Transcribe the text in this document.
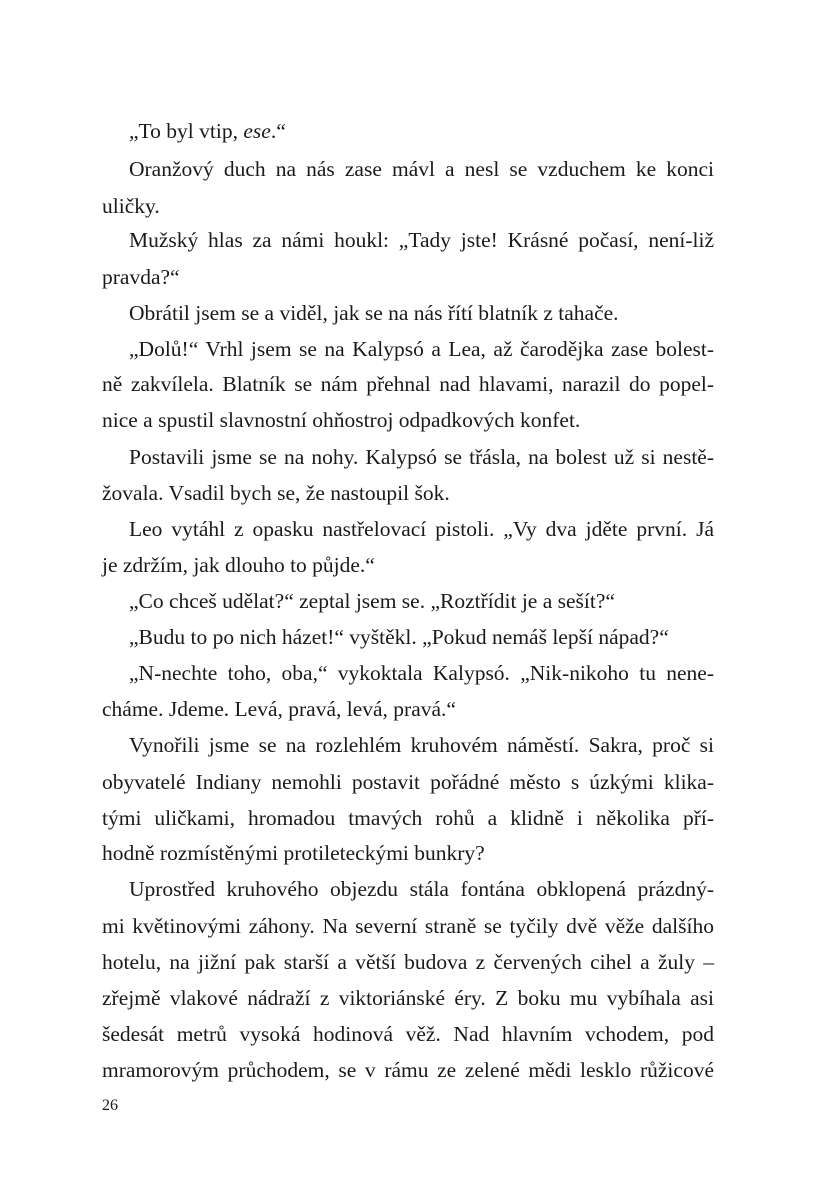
„To byl vtip, ese.“
Oranžový duch na nás zase mávl a nesl se vzduchem ke konci
uličky.
Mužský hlas za námi houkl: „Tady jste! Krásné počasí, není-liž
pravda?“
Obrátil jsem se a viděl, jak se na nás řítí blatník z tahače.
„Dolů!“ Vrhl jsem se na Kalypsó a Lea, až čarodějka zase bolest-
ně zakvílela. Blatník se nám přehnal nad hlavami, narazil do popel-
nice a spustil slavnostní ohňostroj odpadkových konfet.
Postavili jsme se na nohy. Kalypsó se třásla, na bolest už si nestě-
žovala. Vsadil bych se, že nastoupil šok.
Leo vytáhl z opasku nastřelovací pistoli. „Vy dva jděte první. Já
je zdržím, jak dlouho to půjde.“
„Co chceš udělat?“ zeptal jsem se. „Roztřídit je a sešít?“
„Budu to po nich házet!“ vyštěkl. „Pokud nemáš lepší nápad?“
„N-nechte toho, oba,“ vykoktala Kalypsó. „Nik-nikoho tu nene-
cháme. Jdeme. Levá, pravá, levá, pravá.“
Vynořili jsme se na rozlehlém kruhovém náměstí. Sakra, proč si
obyvatelé Indiany nemohli postavit pořádné město s úzkými klika-
tými uličkami, hromadou tmavých rohů a klidně i několika pří-
hodně rozmístěnými protileteckými bunkry?
Uprostřed kruhového objezdu stála fontána obklopená prázdný-
mi květinovými záhony. Na severní straně se tyčily dvě věže dalšího
hotelu, na jižní pak starší a větší budova z červených cihel a žuly –
zřejmě vlakové nádraží z viktoriánské éry. Z boku mu vybíhala asi
šedesát metrů vysoká hodinová věž. Nad hlavním vchodem, pod
mramorovým průchodem, se v rámu ze zelené mědi lesklo růžicové
26
